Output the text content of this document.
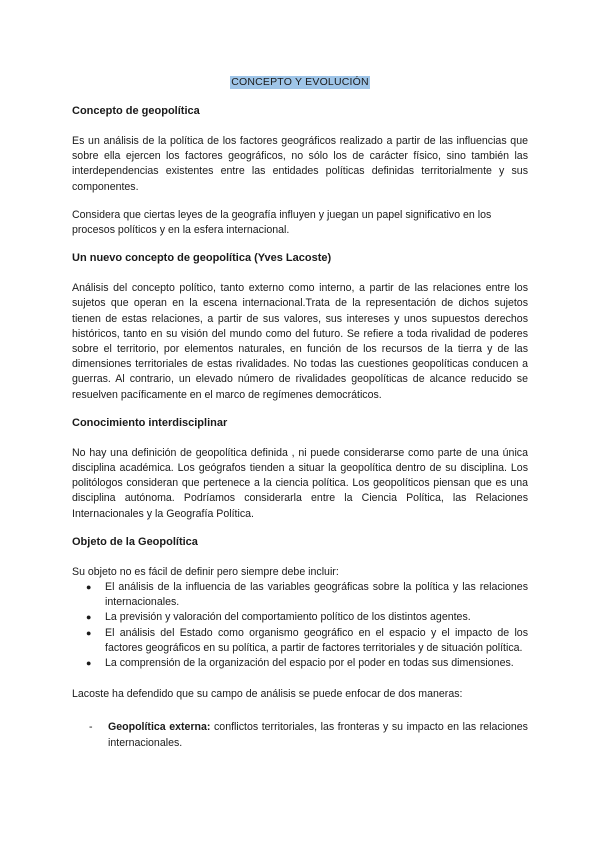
CONCEPTO Y EVOLUCIÓN
Concepto de geopolítica

Es un análisis de la política de los factores geográficos realizado a partir de las influencias que sobre ella ejercen los factores geográficos, no sólo los de carácter físico, sino también las interdependencias existentes entre las entidades políticas definidas territorialmente y sus componentes.

Considera que ciertas leyes de la geografía influyen y juegan un papel significativo en los procesos políticos y en la esfera internacional.

Un nuevo concepto de geopolítica (Yves Lacoste)

Análisis del concepto político, tanto externo como interno, a partir de las relaciones entre los sujetos que operan en la escena internacional.Trata de la representación de dichos sujetos tienen de estas relaciones, a partir de sus valores, sus intereses y unos supuestos derechos históricos, tanto en su visión del mundo como del futuro. Se refiere a toda rivalidad de poderes sobre el territorio, por elementos naturales, en función de los recursos de la tierra y de las dimensiones territoriales de estas rivalidades. No todas las cuestiones geopolíticas conducen a guerras. Al contrario, un elevado número de rivalidades geopolíticas de alcance reducido se resuelven pacíficamente en el marco de regímenes democráticos.

Conocimiento interdisciplinar

No hay una definición de geopolítica definida , ni puede considerarse como parte de una única disciplina académica. Los geógrafos tienden a situar la geopolítica dentro de su disciplina. Los politólogos consideran que pertenece a la ciencia política. Los geopolíticos piensan que es una disciplina autónoma. Podríamos considerarla entre la Ciencia Política, las Relaciones Internacionales y la Geografía Política.

Objeto de la Geopolítica

Su objeto no es fácil de definir pero siempre debe incluir:

● El análisis de la influencia de las variables geográficas sobre la política y las relaciones internacionales.
● La previsión y valoración del comportamiento político de los distintos agentes.
● El análisis del Estado como organismo geográfico en el espacio y el impacto de los factores geográficos en su política, a partir de factores territoriales y de situación política.
● La comprensión de la organización del espacio por el poder en todas sus dimensiones.

Lacoste ha defendido que su campo de análisis se puede enfocar de dos maneras:

- Geopolítica externa: conflictos territoriales, las fronteras y su impacto en las relaciones internacionales.
